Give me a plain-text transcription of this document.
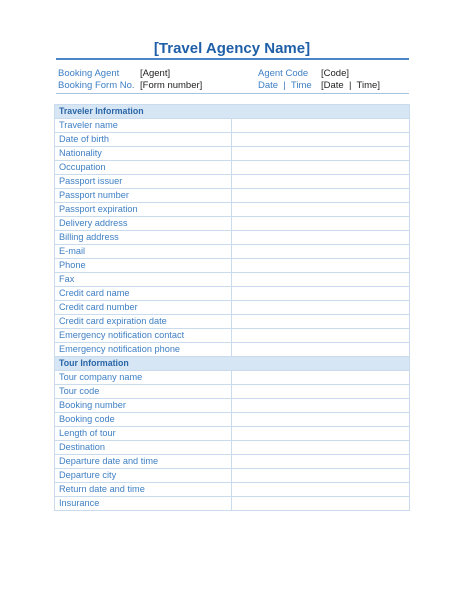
[Travel Agency Name]
Booking Agent [Agent]	Agent Code [Code]
Booking Form No. [Form number]	Date  |  Time [Date  |  Time]
Traveler Information	
Traveler name	
Date of birth	
Nationality	
Occupation	
Passport issuer	
Passport number	
Passport expiration	
Delivery address	
Billing address	
E-mail	
Phone	
Fax	
Credit card name	
Credit card number	
Credit card expiration date	
Emergency notification contact	
Emergency notification phone	
Tour Information	
Tour company name	
Tour code	
Booking number	
Booking code	
Length of tour	
Destination	
Departure date and time	
Departure city	
Return date and time	
Insurance	
